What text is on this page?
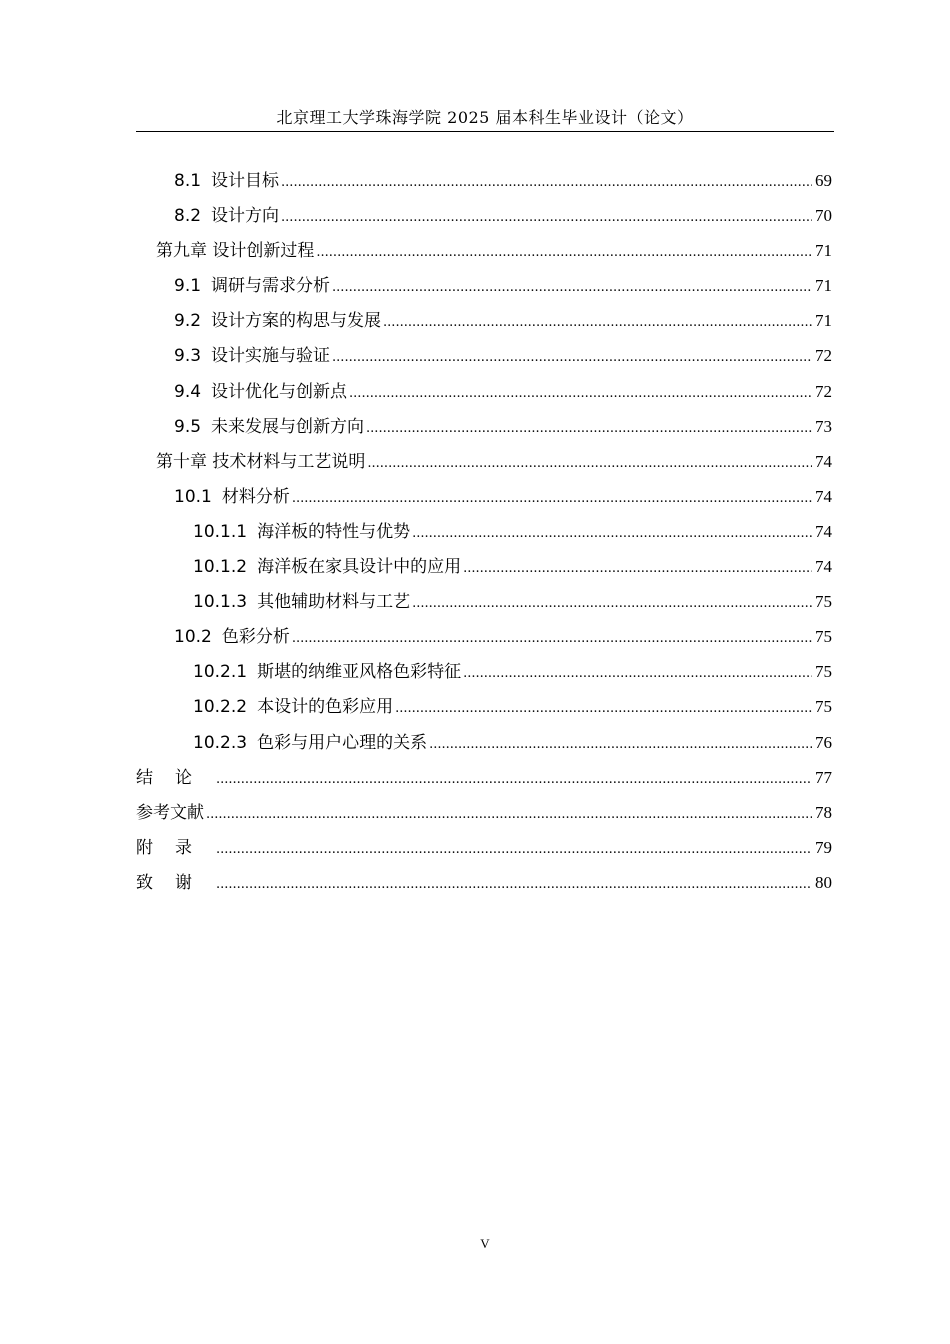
北京理工大学珠海学院 2025 届本科生毕业设计（论文）
8.1 设计目标 .....	69
8.2 设计方向 .....	70
第九章 设计创新过程 .....	71
9.1 调研与需求分析 .....	71
9.2 设计方案的构思与发展 .....	71
9.3 设计实施与验证 .....	72
9.4 设计优化与创新点 .....	72
9.5 未来发展与创新方向 .....	73
第十章 技术材料与工艺说明 .....	74
10.1 材料分析 .....	74
10.1.1 海洋板的特性与优势 .....	74
10.1.2 海洋板在家具设计中的应用 .....	74
10.1.3 其他辅助材料与工艺 .....	75
10.2 色彩分析 .....	75
10.2.1 斯堪的纳维亚风格色彩特征 .....	75
10.2.2 本设计的色彩应用 .....	75
10.2.3 色彩与用户心理的关系 .....	76
结论 .....	77
参考文献 .....	78
附录 .....	79
致谢 .....	80
V
